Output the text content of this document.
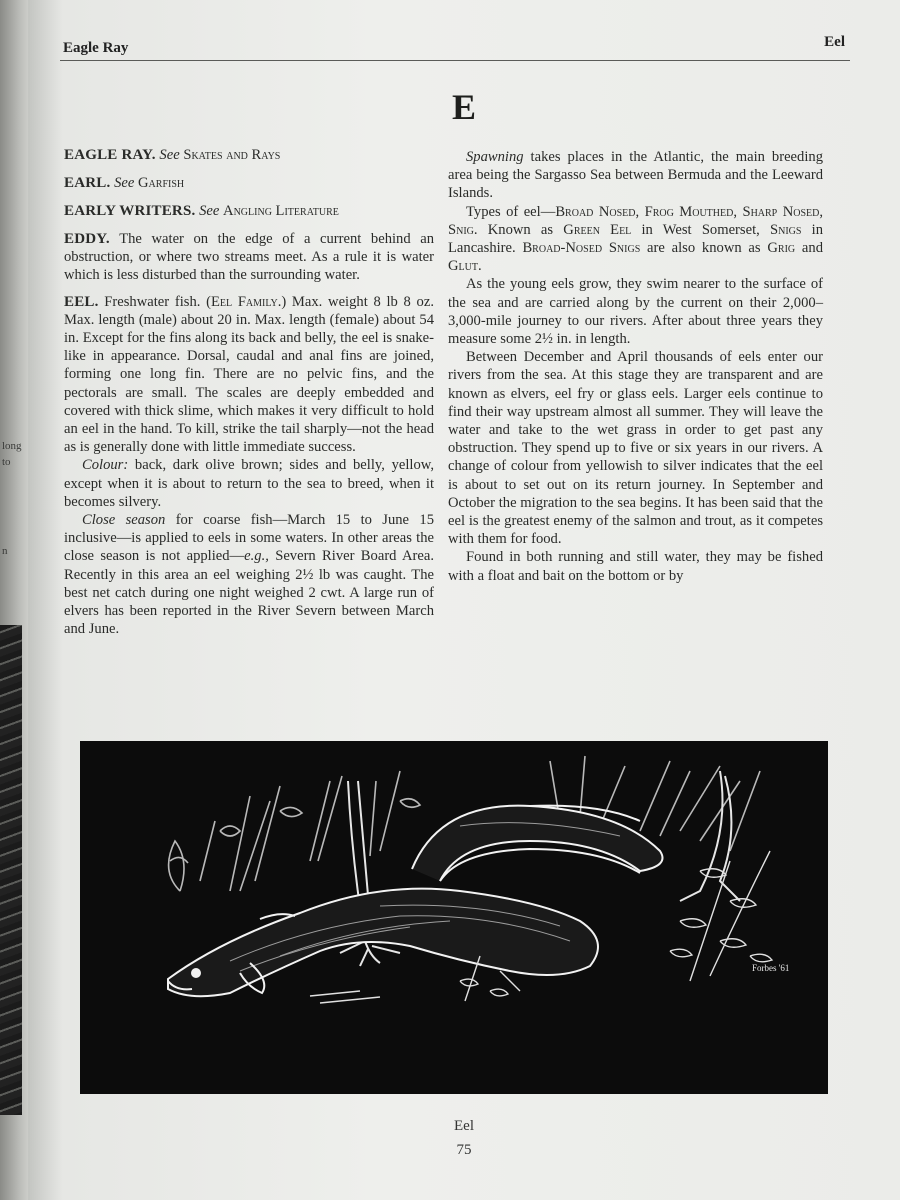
long
to
n
Eagle Ray	Eel
E

EAGLE RAY. See Skates and Rays

EARL. See Garfish

EARLY WRITERS. See Angling Literature

EDDY. The water on the edge of a current behind an obstruction, or where two streams meet. As a rule it is water which is less disturbed than the surrounding water.

EEL. Freshwater fish. (Eel Family.) Max. weight 8 lb 8 oz. Max. length (male) about 20 in. Max. length (female) about 54 in. Except for the fins along its back and belly, the eel is snake-like in appearance. Dorsal, caudal and anal fins are joined, forming one long fin. There are no pelvic fins, and the pectorals are small. The scales are deeply embedded and covered with thick slime, which makes it very difficult to hold an eel in the hand. To kill, strike the tail sharply—not the head as is generally done with little immediate success.

Colour: back, dark olive brown; sides and belly, yellow, except when it is about to return to the sea to breed, when it becomes silvery.

Close season for coarse fish—March 15 to June 15 inclusive—is applied to eels in some waters. In other areas the close season is not applied—e.g., Severn River Board Area. Recently in this area an eel weighing 2½ lb was caught. The best net catch during one night weighed 2 cwt. A large run of elvers has been reported in the River Severn between March and June.

Spawning takes places in the Atlantic, the main breeding area being the Sargasso Sea between Bermuda and the Leeward Islands.

Types of eel—Broad Nosed, Frog Mouthed, Sharp Nosed, Snig. Known as Green Eel in West Somerset, Snigs in Lancashire. Broad-Nosed Snigs are also known as Grig and Glut.

As the young eels grow, they swim nearer to the surface of the sea and are carried along by the current on their 2,000–3,000-mile journey to our rivers. After about three years they measure some 2½ in. in length.

Between December and April thousands of eels enter our rivers from the sea. At this stage they are transparent and are known as elvers, eel fry or glass eels. Larger eels continue to find their way upstream almost all summer. They will leave the water and take to the wet grass in order to get past any obstruction. They spend up to five or six years in our rivers. A change of colour from yellowish to silver indicates that the eel is about to set out on its return journey. In September and October the migration to the sea begins. It has been said that the eel is the greatest enemy of the salmon and trout, as it competes with them for food.

Found in both running and still water, they may be fished with a float and bait on the bottom or by

Forbes '61
Eel
75
